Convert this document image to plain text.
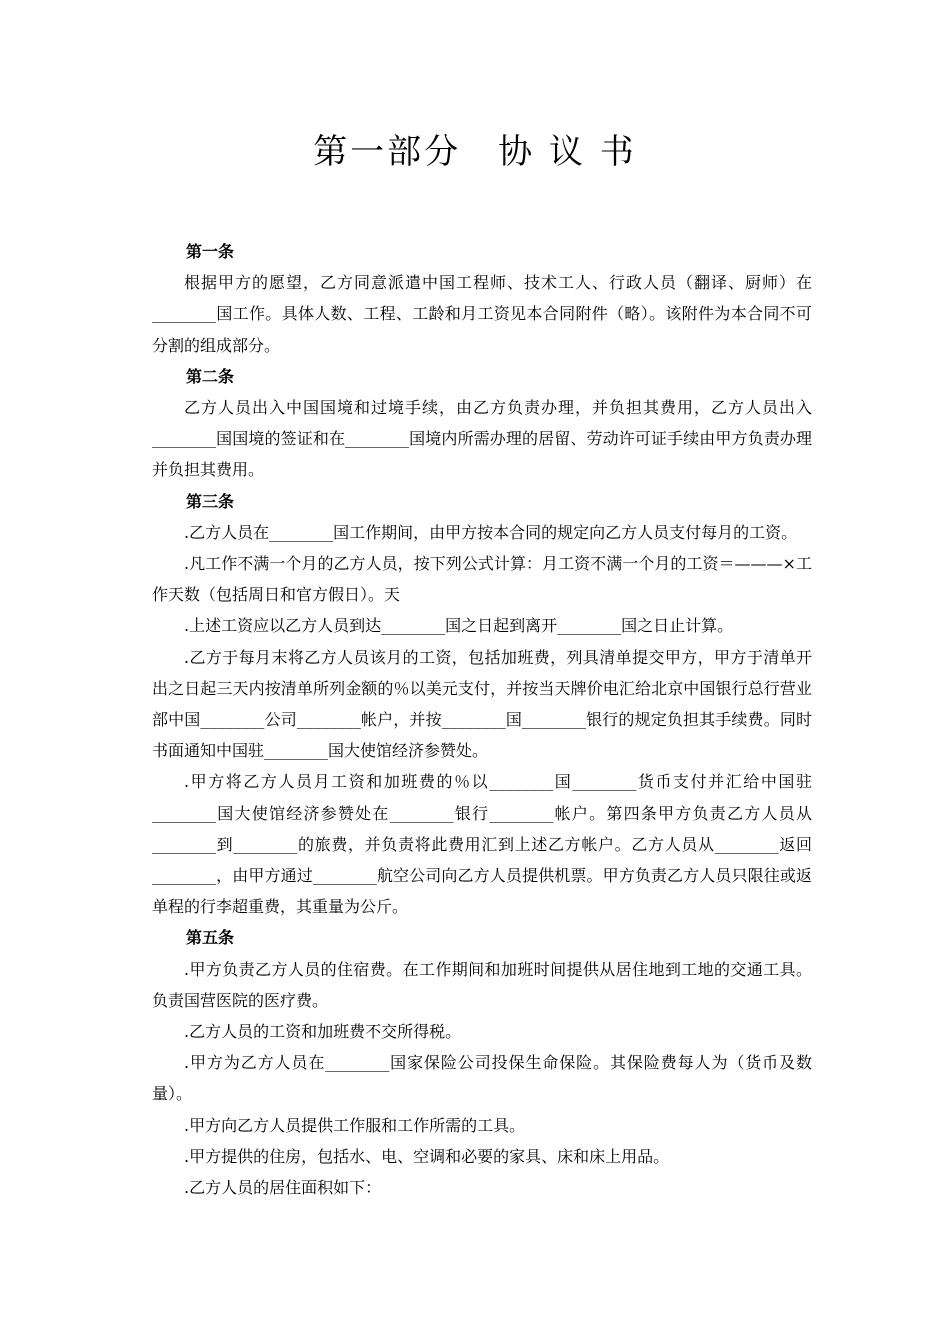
第一部分　协 议 书

第一条

根据甲方的愿望，乙方同意派遣中国工程师、技术工人、行政人员（翻译、厨师）在________国工作。具体人数、工程、工龄和月工资见本合同附件（略）。该附件为本合同不可分割的组成部分。

第二条

乙方人员出入中国国境和过境手续，由乙方负责办理，并负担其费用，乙方人员出入________国国境的签证和在________国境内所需办理的居留、劳动许可证手续由甲方负责办理并负担其费用。

第三条

.乙方人员在________国工作期间，由甲方按本合同的规定向乙方人员支付每月的工资。

.凡工作不满一个月的乙方人员，按下列公式计算：月工资不满一个月的工资＝———×工作天数（包括周日和官方假日）。天

.上述工资应以乙方人员到达________国之日起到离开________国之日止计算。

.乙方于每月末将乙方人员该月的工资，包括加班费，列具清单提交甲方，甲方于清单开出之日起三天内按清单所列金额的％以美元支付，并按当天牌价电汇给北京中国银行总行营业部中国________公司________帐户，并按________国________银行的规定负担其手续费。同时书面通知中国驻________国大使馆经济参赞处。

.甲方将乙方人员月工资和加班费的％以________国________货币支付并汇给中国驻________国大使馆经济参赞处在________银行________帐户。第四条甲方负责乙方人员从________到________的旅费，并负责将此费用汇到上述乙方帐户。乙方人员从________返回________，由甲方通过________航空公司向乙方人员提供机票。甲方负责乙方人员只限往或返单程的行李超重费，其重量为公斤。

第五条

.甲方负责乙方人员的住宿费。在工作期间和加班时间提供从居住地到工地的交通工具。负责国营医院的医疗费。

.乙方人员的工资和加班费不交所得税。

.甲方为乙方人员在________国家保险公司投保生命保险。其保险费每人为（货币及数量）。

.甲方向乙方人员提供工作服和工作所需的工具。

.甲方提供的住房，包括水、电、空调和必要的家具、床和床上用品。

.乙方人员的居住面积如下：
